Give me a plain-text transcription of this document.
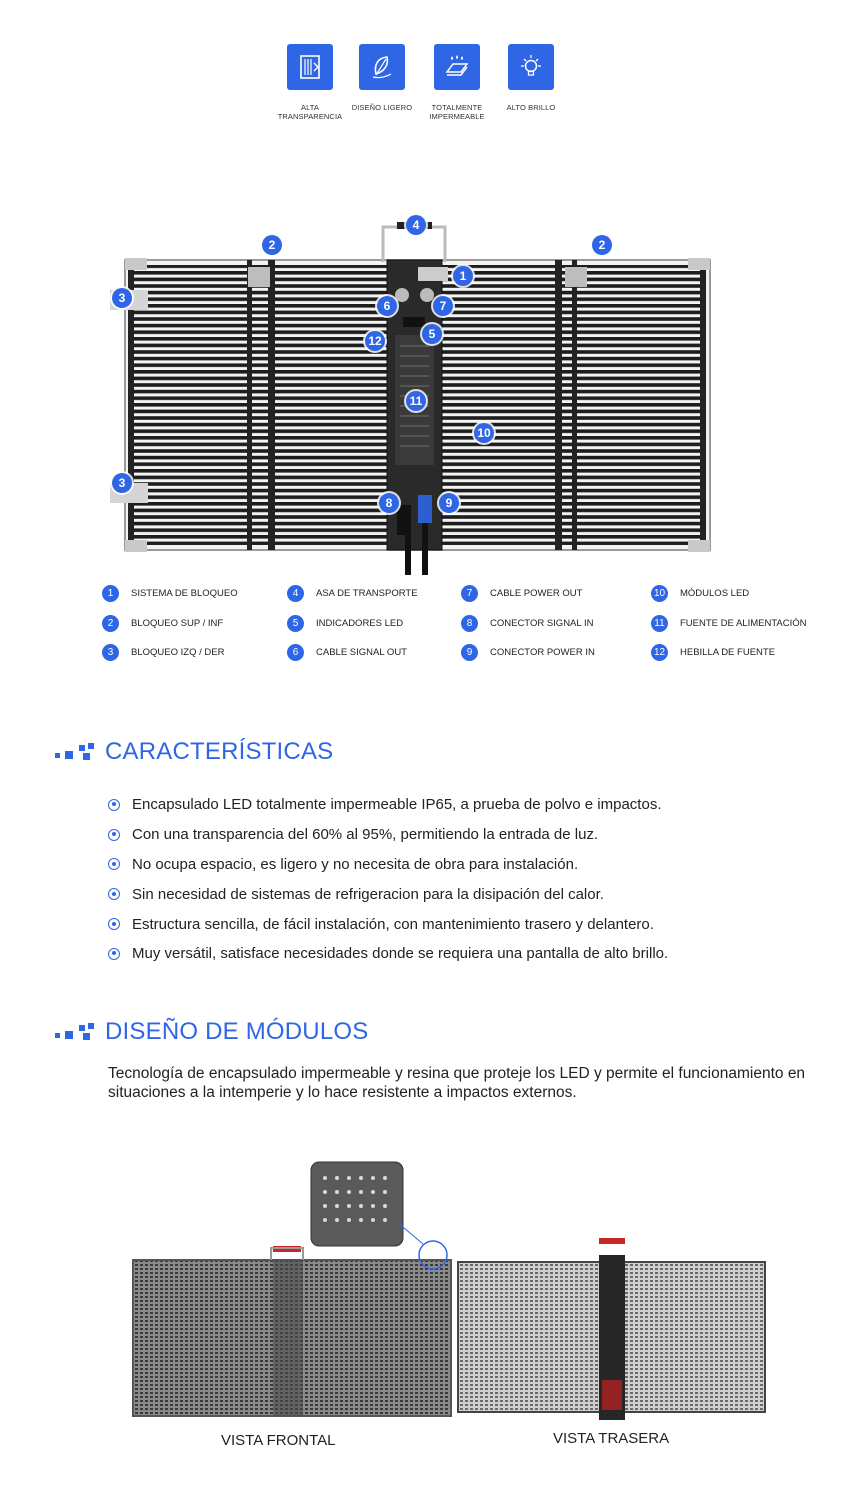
ALTA TRANSPARENCIA
DISEÑO LIGERO	TOTALMENTE IMPERMEABLE
ALTO BRILLO
1
2	2
3
3
4
5
6	7
8	9
10
11
12
1	SISTEMA DE BLOQUEO
2	BLOQUEO SUP / INF
3	BLOQUEO IZQ / DER
4	ASA DE TRANSPORTE
5	INDICADORES LED
6	CABLE SIGNAL OUT
7	CABLE POWER OUT
8	CONECTOR SIGNAL IN
9	CONECTOR POWER IN
10	MÓDULOS LED
11	FUENTE DE ALIMENTACIÓN
12	HEBILLA DE FUENTE
CARACTERÍSTICAS
Encapsulado LED totalmente impermeable IP65, a prueba de polvo e impactos.
Con una transparencia del 60% al 95%, permitiendo la entrada de luz.
No ocupa espacio, es ligero y no necesita de obra para instalación.
Sin necesidad de sistemas de refrigeracion para la disipación del calor.
Estructura sencilla, de fácil instalación, con mantenimiento trasero y delantero.
Muy versátil, satisface necesidades donde se requiera una pantalla de alto brillo.
DISEÑO DE MÓDULOS
Tecnología de encapsulado impermeable y resina que proteje los LED y permite el funcionamiento en situaciones a la intemperie y lo hace resistente a impactos externos.
VISTA FRONTAL	VISTA TRASERA
